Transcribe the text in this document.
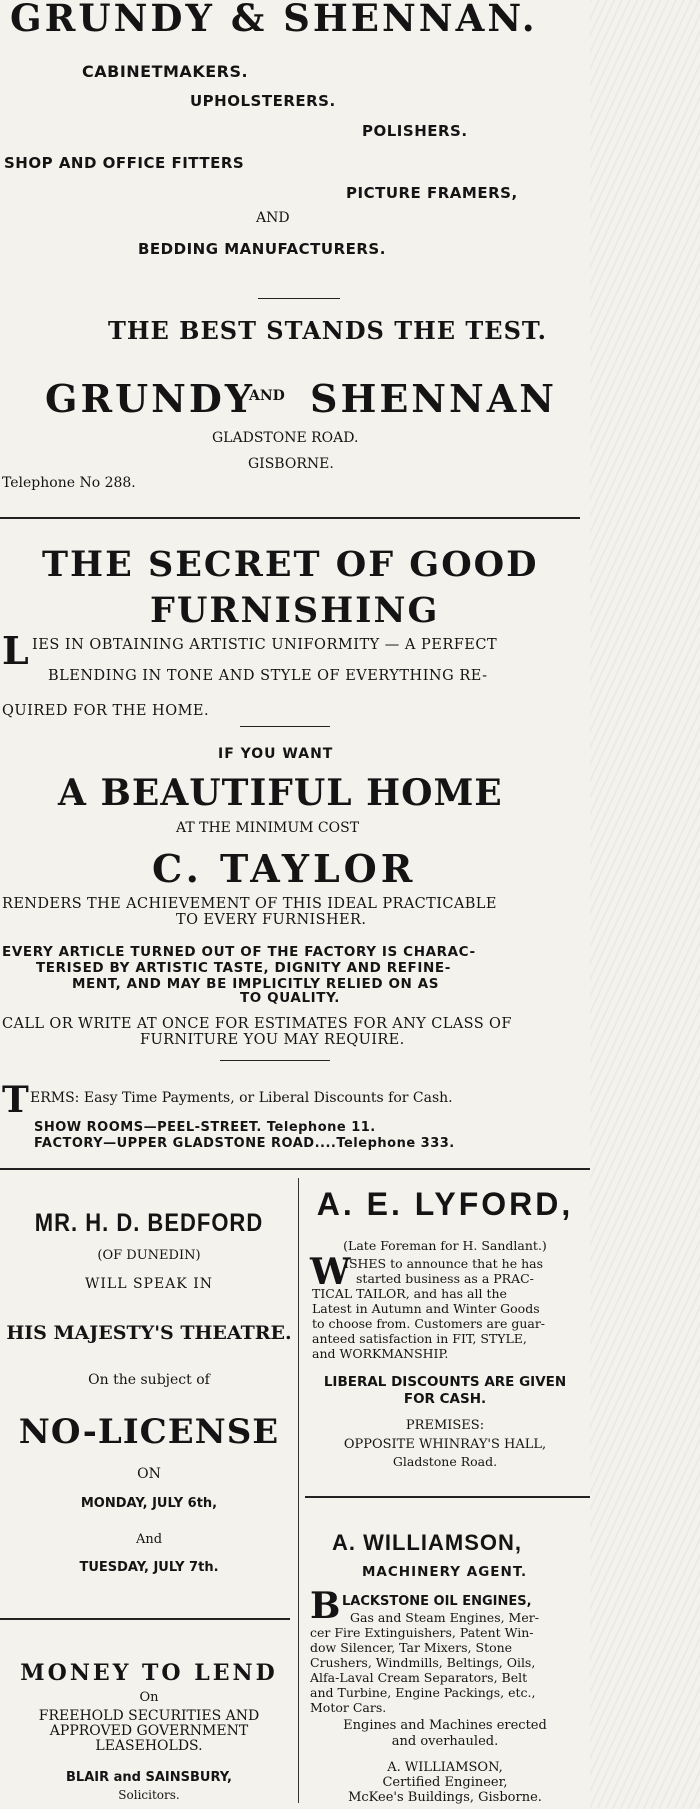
GRUNDY & SHENNAN.
CABINETMAKERS.
UPHOLSTERERS.
POLISHERS.
SHOP AND OFFICE FITTERS
PICTURE FRAMERS,
AND
BEDDING MANUFACTURERS.
THE BEST STANDS THE TEST.
GRUNDY
AND SHENNAN
GLADSTONE ROAD.
GISBORNE.
Telephone No 288.
THE SECRET OF GOOD
FURNISHING
L IES IN OBTAINING ARTISTIC UNIFORMITY — A PERFECT
BLENDING IN TONE AND STYLE OF EVERYTHING RE-
QUIRED FOR THE HOME.
IF YOU WANT
A BEAUTIFUL HOME
AT THE MINIMUM COST
C. TAYLOR
RENDERS THE ACHIEVEMENT OF THIS IDEAL PRACTICABLE
TO EVERY FURNISHER.
EVERY ARTICLE TURNED OUT OF THE FACTORY IS CHARAC-
TERISED BY ARTISTIC TASTE, DIGNITY AND REFINE-
MENT, AND MAY BE IMPLICITLY RELIED ON AS
TO QUALITY.
CALL OR WRITE AT ONCE FOR ESTIMATES FOR ANY CLASS OF
FURNITURE YOU MAY REQUIRE.
T ERMS: Easy Time Payments, or Liberal Discounts for Cash.
SHOW ROOMS—PEEL-STREET. Telephone 11.
FACTORY—UPPER GLADSTONE ROAD....Telephone 333.
MR. H. D. BEDFORD
(OF DUNEDIN)
WILL SPEAK IN
HIS MAJESTY'S THEATRE.
On the subject of
NO-LICENSE
ON
MONDAY, JULY 6th,
And
TUESDAY, JULY 7th.
MONEY TO LEND
On
FREEHOLD SECURITIES AND
APPROVED GOVERNMENT
LEASEHOLDS.
BLAIR and SAINSBURY,
Solicitors.
A. E. LYFORD,
(Late Foreman for H. Sandlant.)
W
ISHES to announce that he has
started business as a PRAC-
TICAL TAILOR, and has all the
Latest in Autumn and Winter Goods
to choose from. Customers are guar-
anteed satisfaction in FIT, STYLE,
and WORKMANSHIP.
LIBERAL DISCOUNTS ARE GIVEN
FOR CASH.
PREMISES:
OPPOSITE WHINRAY'S HALL,
Gladstone Road.
A. WILLIAMSON,
MACHINERY AGENT.
B LACKSTONE OIL ENGINES,
Gas and Steam Engines, Mer-
cer Fire Extinguishers, Patent Win-
dow Silencer, Tar Mixers, Stone
Crushers, Windmills, Beltings, Oils,
Alfa-Laval Cream Separators, Belt
and Turbine, Engine Packings, etc.,
Motor Cars.
Engines and Machines erected
and overhauled.
A. WILLIAMSON,
Certified Engineer,
McKee's Buildings, Gisborne.
